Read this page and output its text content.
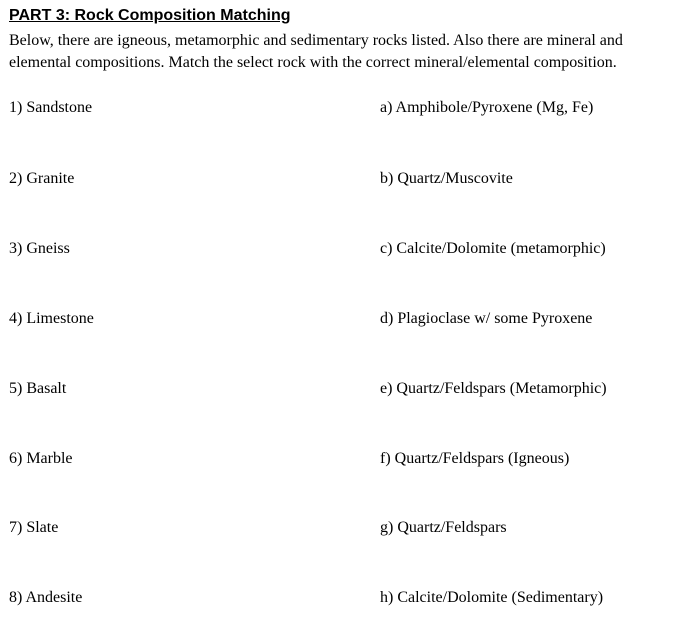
PART 3: Rock Composition Matching
Below, there are igneous, metamorphic and sedimentary rocks listed. Also there are mineral and
elemental compositions. Match the select rock with the correct mineral/elemental composition.
1) Sandstone
2) Granite
3) Gneiss
4) Limestone
5) Basalt
6) Marble
7) Slate
8) Andesite
a) Amphibole/Pyroxene (Mg, Fe)
b) Quartz/Muscovite
c) Calcite/Dolomite (metamorphic)
d) Plagioclase w/ some Pyroxene
e) Quartz/Feldspars (Metamorphic)
f) Quartz/Feldspars (Igneous)
g) Quartz/Feldspars
h) Calcite/Dolomite (Sedimentary)
